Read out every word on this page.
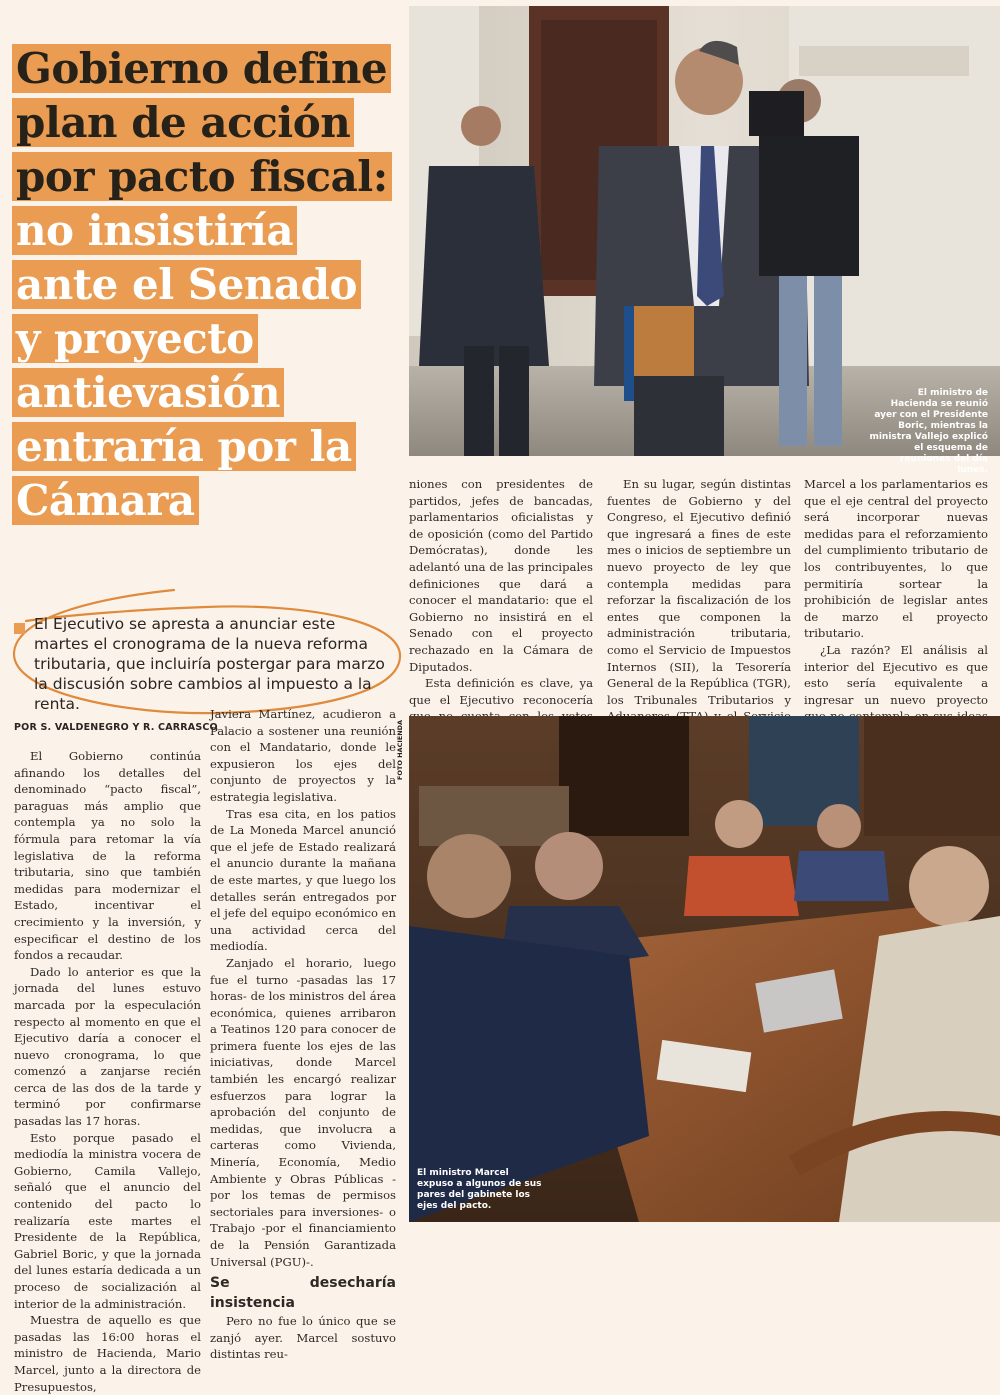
Gobierno define
plan de acción
por pacto fiscal:
no insistiría
ante el Senado
y proyecto
antievasión
entraría por la
Cámara

El Ejecutivo se apresta a anunciar este martes el cronograma de la nueva reforma tributaria, que incluiría postergar para marzo la discusión sobre cambios al impuesto a la renta.

POR S. VALDENEGRO Y R. CARRASCO

El Gobierno continúa afinando los detalles del denominado “pacto fiscal”, paraguas más amplio que contempla ya no solo la fórmula para retomar la vía legislativa de la reforma tributaria, sino que también medidas para modernizar el Estado, incentivar el crecimiento y la inversión, y especificar el destino de los fondos a recaudar.

Dado lo anterior es que la jornada del lunes estuvo marcada por la especulación respecto al momento en que el Ejecutivo daría a conocer el nuevo cronograma, lo que comenzó a zanjarse recién cerca de las dos de la tarde y terminó por confirmarse pasadas las 17 horas.

Esto porque pasado el mediodía la ministra vocera de Gobierno, Camila Vallejo, señaló que el anuncio del contenido del pacto lo realizaría este martes el Presidente de la República, Gabriel Boric, y que la jornada del lunes estaría dedicada a un proceso de socialización al interior de la administración.

Muestra de aquello es que pasadas las 16:00 horas el ministro de Hacienda, Mario Marcel, junto a la directora de Presupuestos,

Javiera Martínez, acudieron a Palacio a sostener una reunión con el Mandatario, donde le expusieron los ejes del conjunto de proyectos y la estrategia legislativa.

Tras esa cita, en los patios de La Moneda Marcel anunció que el jefe de Estado realizará el anuncio durante la mañana de este martes, y que luego los detalles serán entregados por el jefe del equipo económico en una actividad cerca del mediodía.

Zanjado el horario, luego fue el turno -pasadas las 17 horas- de los ministros del área económica, quienes arribaron a Teatinos 120 para conocer de primera fuente los ejes de las iniciativas, donde Marcel también les encargó realizar esfuerzos para lograr la aprobación del conjunto de medidas, que involucra a carteras como Vivienda, Minería, Economía, Medio Ambiente y Obras Públicas -por los temas de permisos sectoriales para inversiones- o Trabajo -por el financiamiento de la Pensión Garantizada Universal (PGU)-.

Se desecharía insistencia

Pero no fue lo único que se zanjó ayer. Marcel sostuvo distintas reu-

FOTO HACIENDA

niones con presidentes de partidos, jefes de bancadas, parlamentarios oficialistas y de oposición (como del Partido Demócratas), donde les adelantó una de las principales definiciones que dará a conocer el mandatario: que el Gobierno no insistirá en el Senado con el proyecto rechazado en la Cámara de Diputados.

Esta definición es clave, ya que el Ejecutivo reconocería

En su lugar, según distintas fuentes de Gobierno y del Congreso, el Ejecutivo definió que ingresará a fines de este mes o inicios de septiembre un nuevo proyecto de ley que contempla medidas para reforzar la fiscalización de los entes que componen la administración tributaria, como el Servicio de Impuestos Internos (SII), la Tesorería General de la República (TGR), los Tribunales Tributarios y

Marcel a los parlamentarios es que el eje central del proyecto será incorporar nuevas medidas para el reforzamiento del cumplimiento tributario de los contribuyentes, lo que permitiría sortear la prohibición de legislar antes de marzo el proyecto tributario.

¿La razón? El análisis al interior del Ejecutivo es que esto sería equivalente a ingresar un nuevo proyecto

El ministro de Hacienda se reunió ayer con el Presidente Boric, mientras la ministra Vallejo explicó el esquema de reuniones del día lunes.
El ministro Marcel expuso a algunos de sus pares del gabinete los ejes del pacto.
